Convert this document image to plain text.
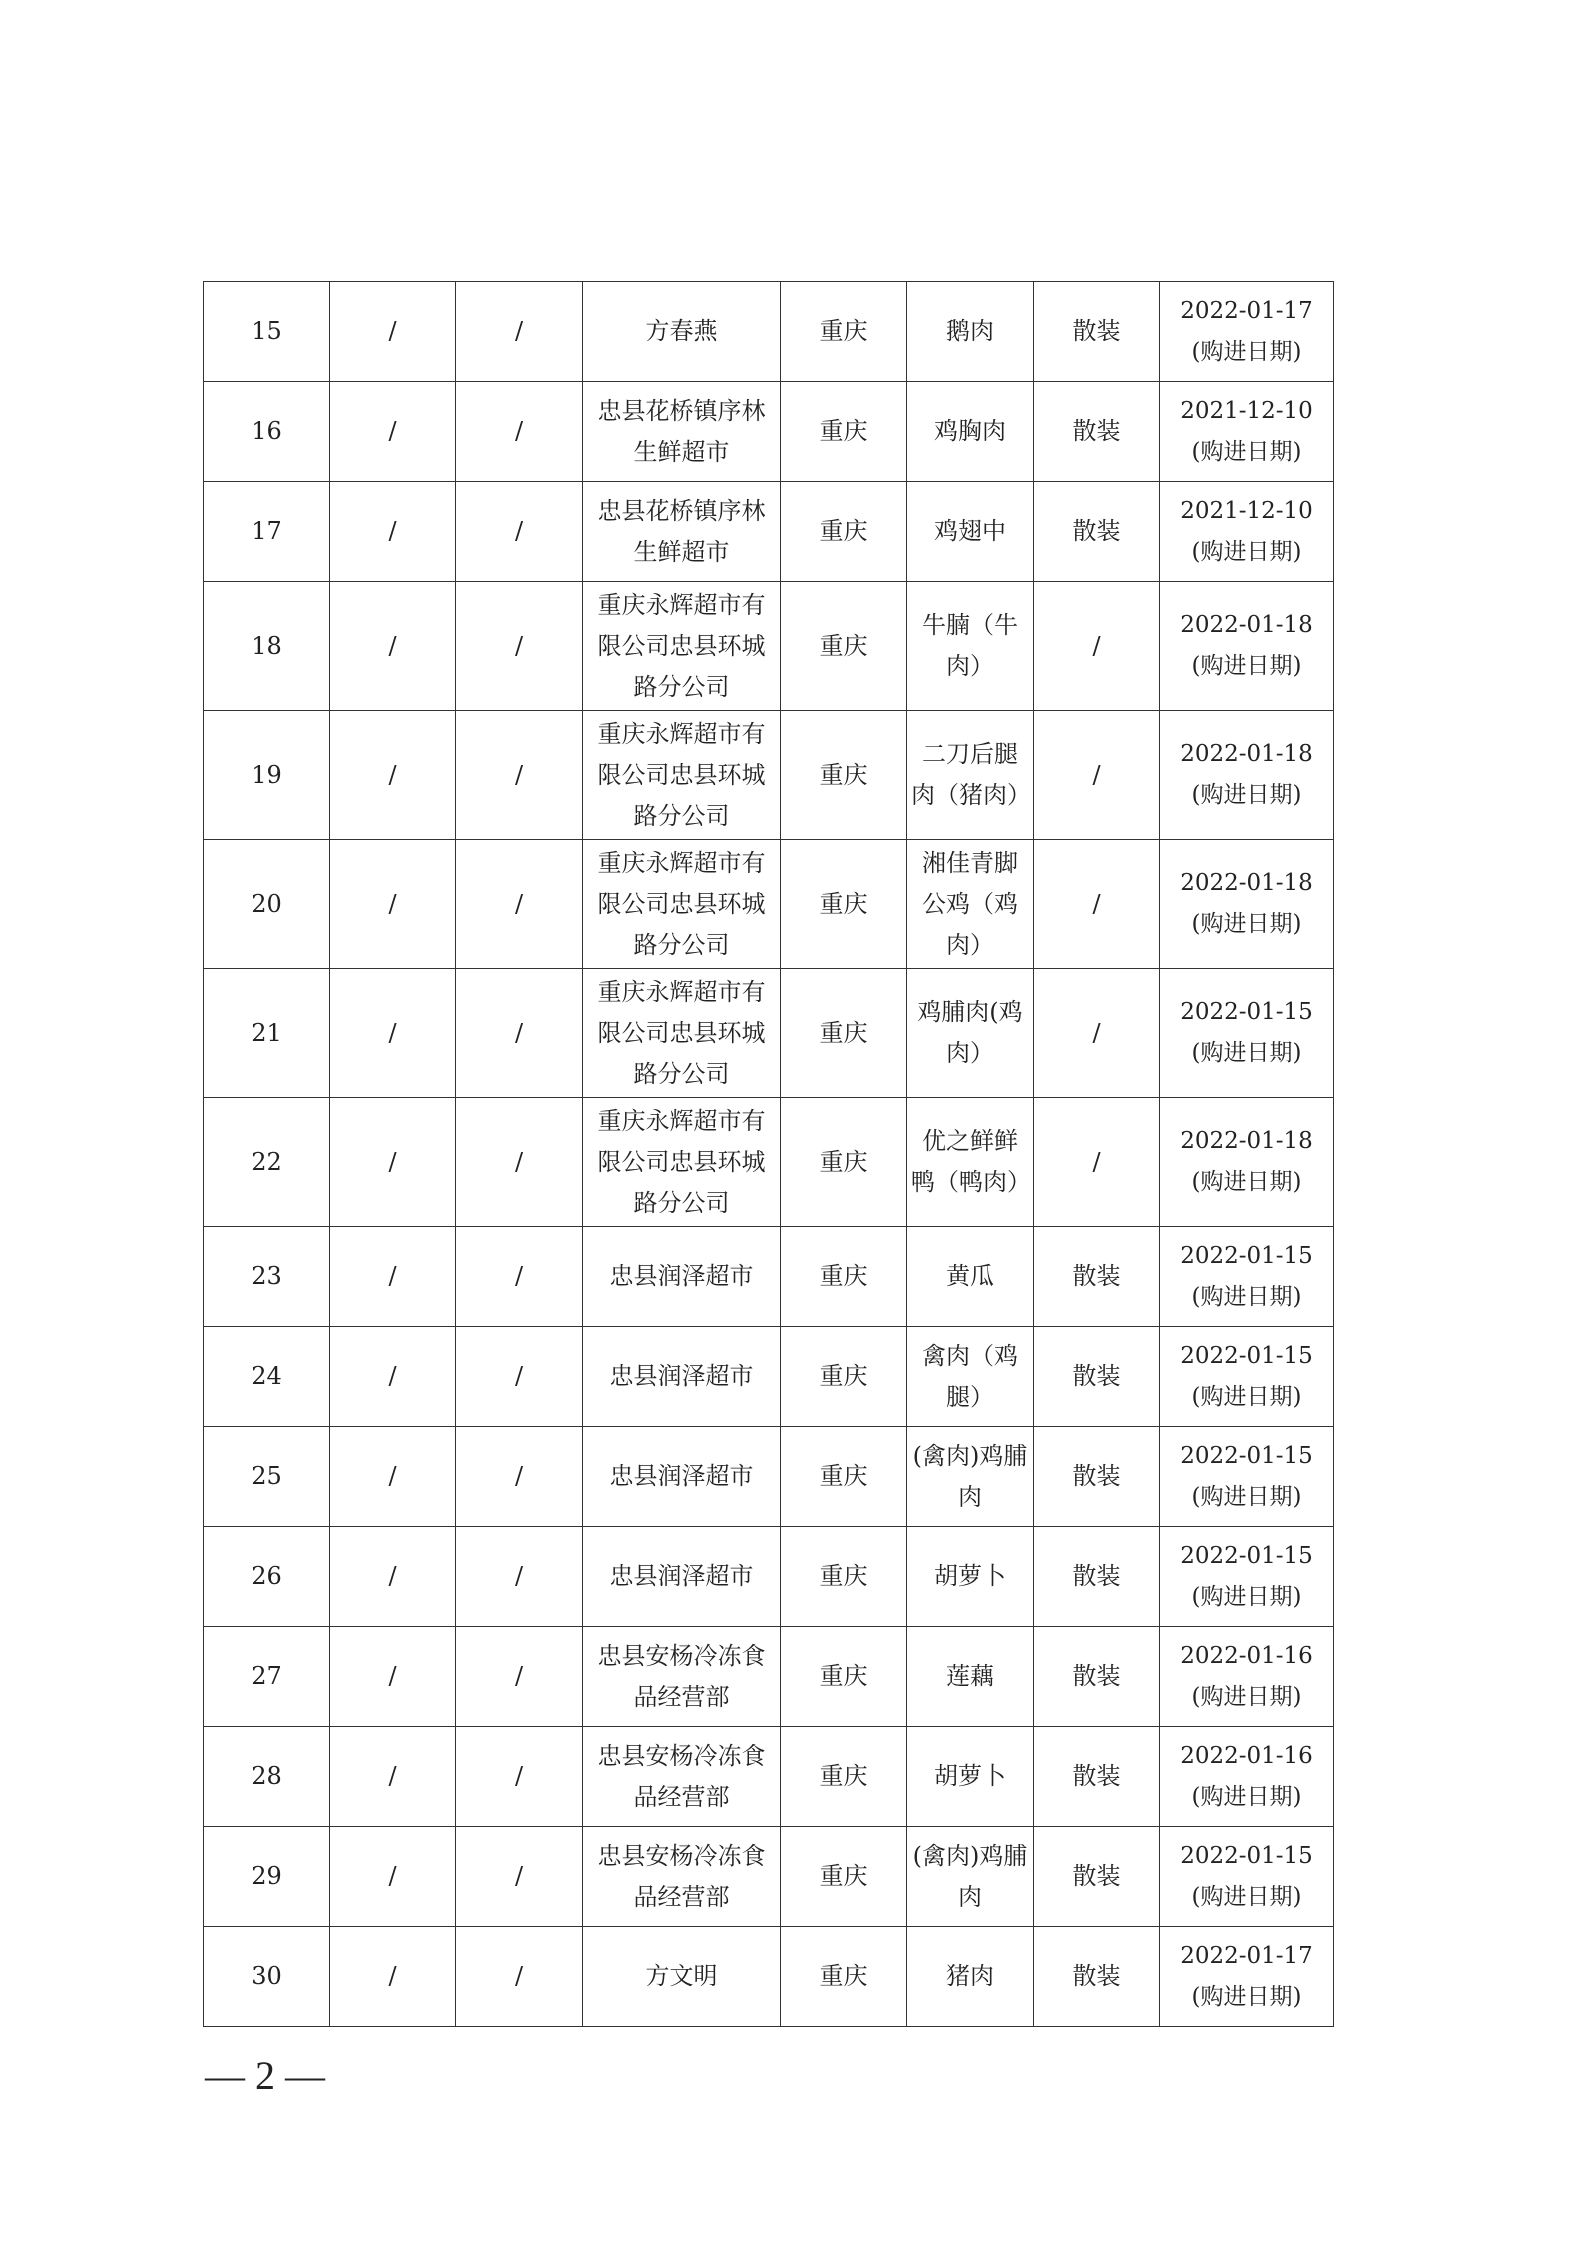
15	/	/	方春燕	重庆	鹅肉	散装	2022-01-17
(购进日期)
16	/	/	忠县花桥镇序林生鲜超市	重庆	鸡胸肉	散装	2021-12-10
(购进日期)
17	/	/	忠县花桥镇序林生鲜超市	重庆	鸡翅中	散装	2021-12-10
(购进日期)
18	/	/	重庆永辉超市有限公司忠县环城路分公司	重庆	牛腩（牛肉）	/	2022-01-18
(购进日期)
19	/	/	重庆永辉超市有限公司忠县环城路分公司	重庆	二刀后腿肉（猪肉）	/	2022-01-18
(购进日期)
20	/	/	重庆永辉超市有限公司忠县环城路分公司	重庆	湘佳青脚公鸡（鸡肉）	/	2022-01-18
(购进日期)
21	/	/	重庆永辉超市有限公司忠县环城路分公司	重庆	鸡脯肉(鸡肉）	/	2022-01-15
(购进日期)
22	/	/	重庆永辉超市有限公司忠县环城路分公司	重庆	优之鲜鲜鸭（鸭肉）	/	2022-01-18
(购进日期)
23	/	/	忠县润泽超市	重庆	黄瓜	散装	2022-01-15
(购进日期)
24	/	/	忠县润泽超市	重庆	禽肉（鸡腿）	散装	2022-01-15
(购进日期)
25	/	/	忠县润泽超市	重庆	(禽肉)鸡脯肉	散装	2022-01-15
(购进日期)
26	/	/	忠县润泽超市	重庆	胡萝卜	散装	2022-01-15
(购进日期)
27	/	/	忠县安杨冷冻食品经营部	重庆	莲藕	散装	2022-01-16
(购进日期)
28	/	/	忠县安杨冷冻食品经营部	重庆	胡萝卜	散装	2022-01-16
(购进日期)
29	/	/	忠县安杨冷冻食品经营部	重庆	(禽肉)鸡脯肉	散装	2022-01-15
(购进日期)
30	/	/	方文明	重庆	猪肉	散装	2022-01-17
(购进日期)
— 2 —
